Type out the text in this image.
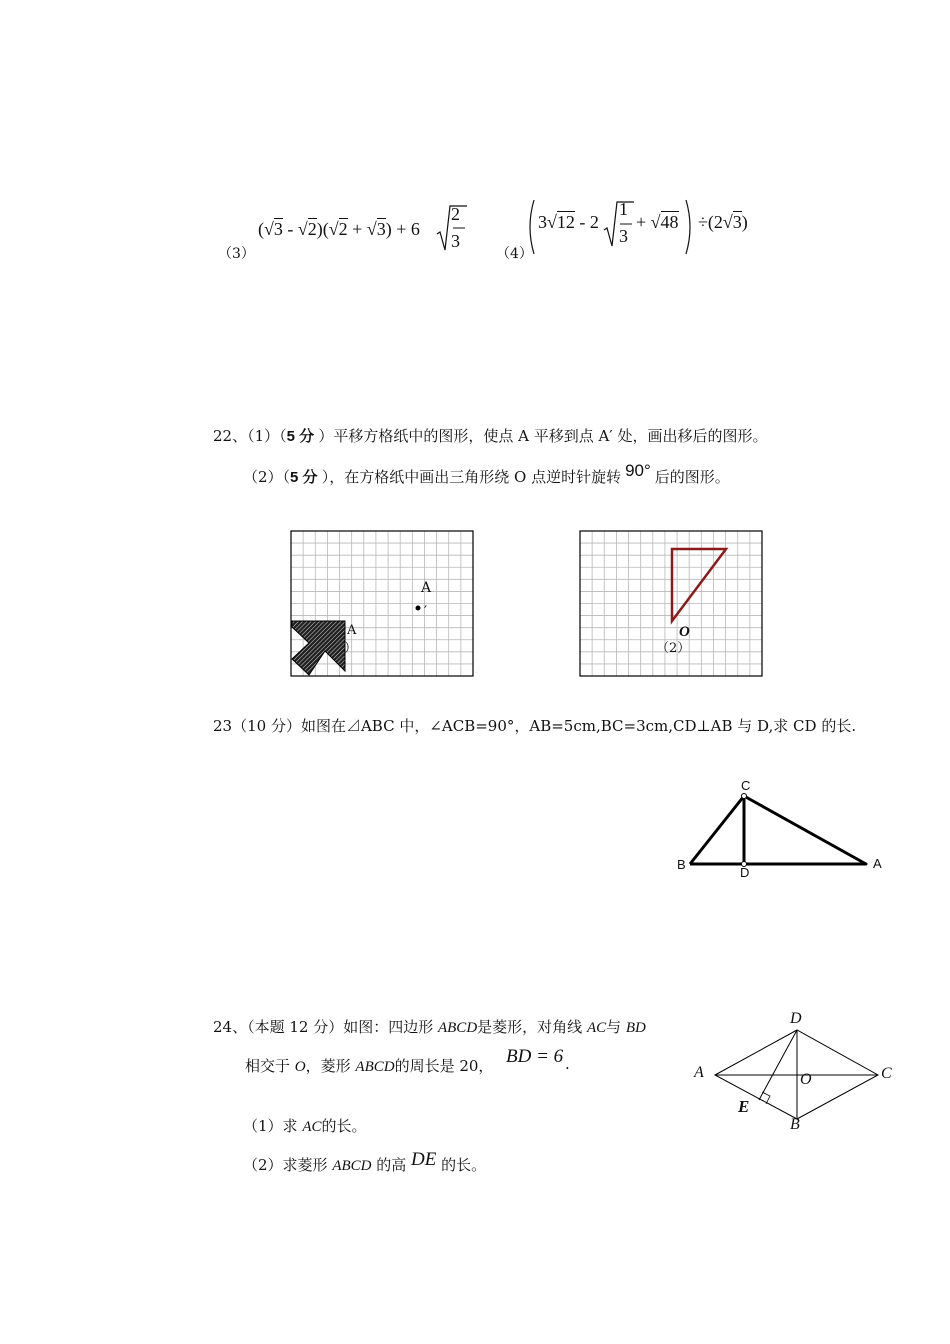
（3）
(√3 - √2)(√2 + √3) + 6
2
3
（4）
3√12 - 2
1
3
+ √48 ÷(2√3)
22、（1）（5 分 ）平移方格纸中的图形，使点 A 平移到点 A′ 处，画出移后的图形。
（2）（5 分 ），在方格纸中画出三角形绕 O 点逆时针旋转 90° 后的图形。
A
′
A
）
O
（2）
23（10 分）如图在⊿ABC 中，∠ACB=90°，AB=5cm,BC=3cm,CD⊥AB 与 D,求 CD 的长.
C
B
D
A
24、（本题 12 分）如图：四边形 ABCD是菱形，对角线 AC与 BD
相交于 O，菱形 ABCD的周长是 20， BD = 6 .
（1）求 AC的长。
（2）求菱形 ABCD 的高 DE 的长。
D
A	O	C
E
B
